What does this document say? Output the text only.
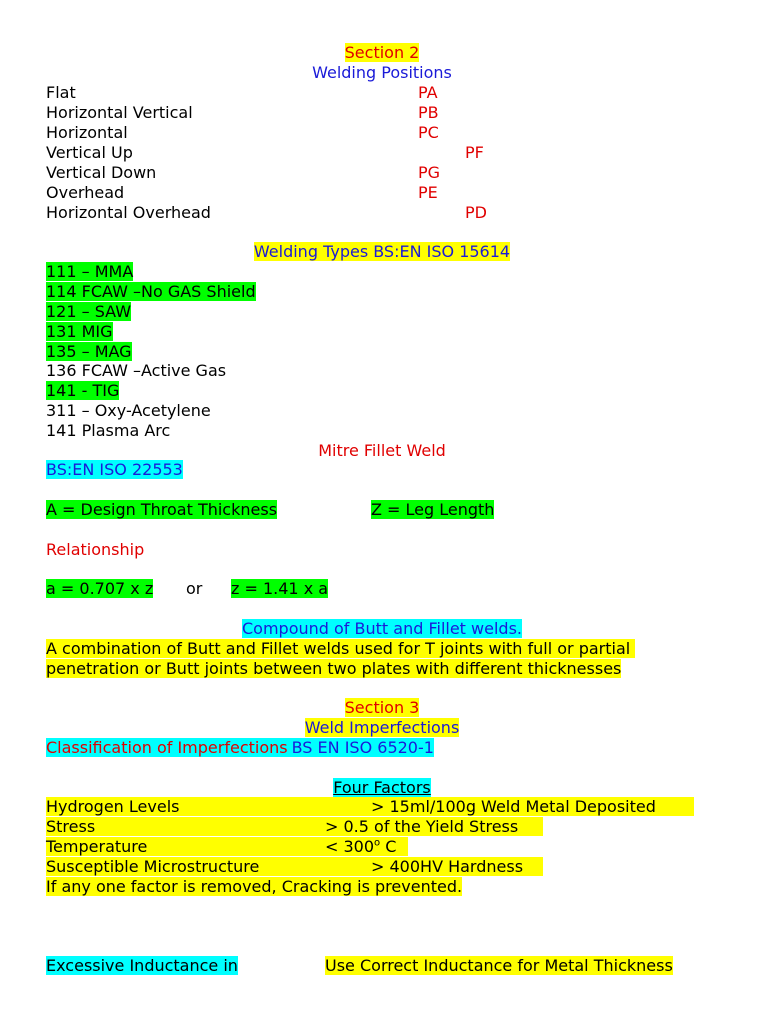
Section 2
Welding Positions
Flat	PA
Horizontal Vertical	PB
Horizontal	PC
Vertical Up	PF
Vertical Down	PG
Overhead	PE
Horizontal Overhead	PD
Welding Types BS:EN ISO 15614
111 – MMA
114 FCAW –No GAS Shield
121 – SAW
131 MIG
135 – MAG
136 FCAW –Active Gas
141 - TIG
311 – Oxy-Acetylene
141 Plasma Arc
Mitre Fillet Weld
BS:EN ISO 22553
A = Design Throat Thickness	Z = Leg Length
Relationship
a = 0.707 x z or z = 1.41 x a
Compound of Butt and Fillet welds.
A combination of Butt and Fillet welds used for T joints with full or partial
penetration or Butt joints between two plates with different thicknesses
Section 3
Weld Imperfections
Classification of Imperfections BS EN ISO 6520-1
Four Factors
Hydrogen Levels	> 15ml/100g Weld Metal Deposited
Stress	> 0.5 of the Yield Stress
Temperature	< $300^o$ C
Susceptible Microstructure	> 400HV Hardness
If any one factor is removed, Cracking is prevented.
Excessive Inductance in	Use Correct Inductance for Metal Thickness
